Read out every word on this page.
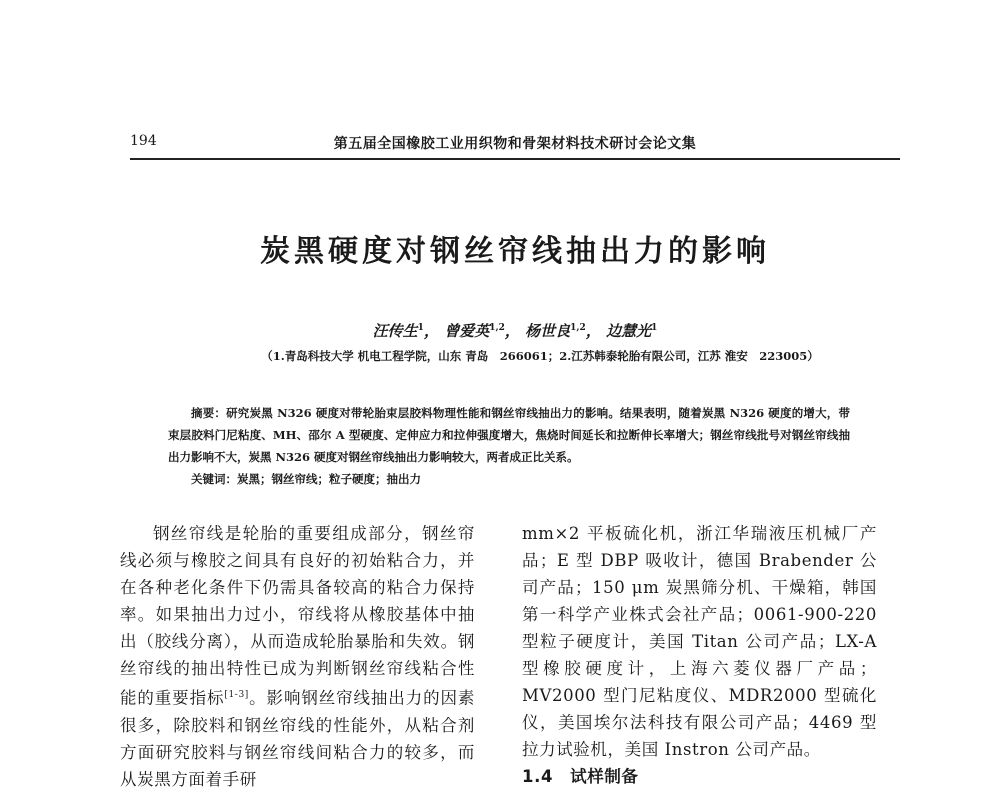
194	第五届全国橡胶工业用织物和骨架材料技术研讨会论文集
炭黑硬度对钢丝帘线抽出力的影响
汪传生$^1$， 曾爱英$^{1,2}$， 杨世良$^{1,2}$， 边慧光$^1$
（1.青岛科技大学 机电工程学院，山东 青岛　266061；2.江苏韩泰轮胎有限公司，江苏 淮安　223005）

摘要：研究炭黑 N326 硬度对带轮胎束层胶料物理性能和钢丝帘线抽出力的影响。结果表明，随着炭黑 N326 硬度的增大，带束层胶料门尼粘度、MH、邵尔 A 型硬度、定伸应力和拉伸强度增大，焦烧时间延长和拉断伸长率增大；钢丝帘线批号对钢丝帘线抽出力影响不大，炭黑 N326 硬度对钢丝帘线抽出力影响较大，两者成正比关系。

关键词：炭黑；钢丝帘线；粒子硬度；抽出力

钢丝帘线是轮胎的重要组成部分，钢丝帘线必须与橡胶之间具有良好的初始粘合力，并在各种老化条件下仍需具备较高的粘合力保持率。如果抽出力过小，帘线将从橡胶基体中抽出（胶线分离），从而造成轮胎暴胎和失效。钢丝帘线的抽出特性已成为判断钢丝帘线粘合性能的重要指标[1-3]。影响钢丝帘线抽出力的因素很多，除胶料和钢丝帘线的性能外，从粘合剂方面研究胶料与钢丝帘线间粘合力的较多，而从炭黑方面着手研

mm×2 平板硫化机，浙江华瑞液压机械厂产品；E 型 DBP 吸收计，德国 Brabender 公司产品；150 μm 炭黑筛分机、干燥箱，韩国第一科学产业株式会社产品；0061-900-220 型粒子硬度计，美国 Titan 公司产品；LX-A 型橡胶硬度计，上海六菱仪器厂产品；MV2000 型门尼粘度仪、MDR2000 型硫化仪，美国埃尔法科技有限公司产品；4469 型拉力试验机，美国 Instron 公司产品。

1.4　试样制备
